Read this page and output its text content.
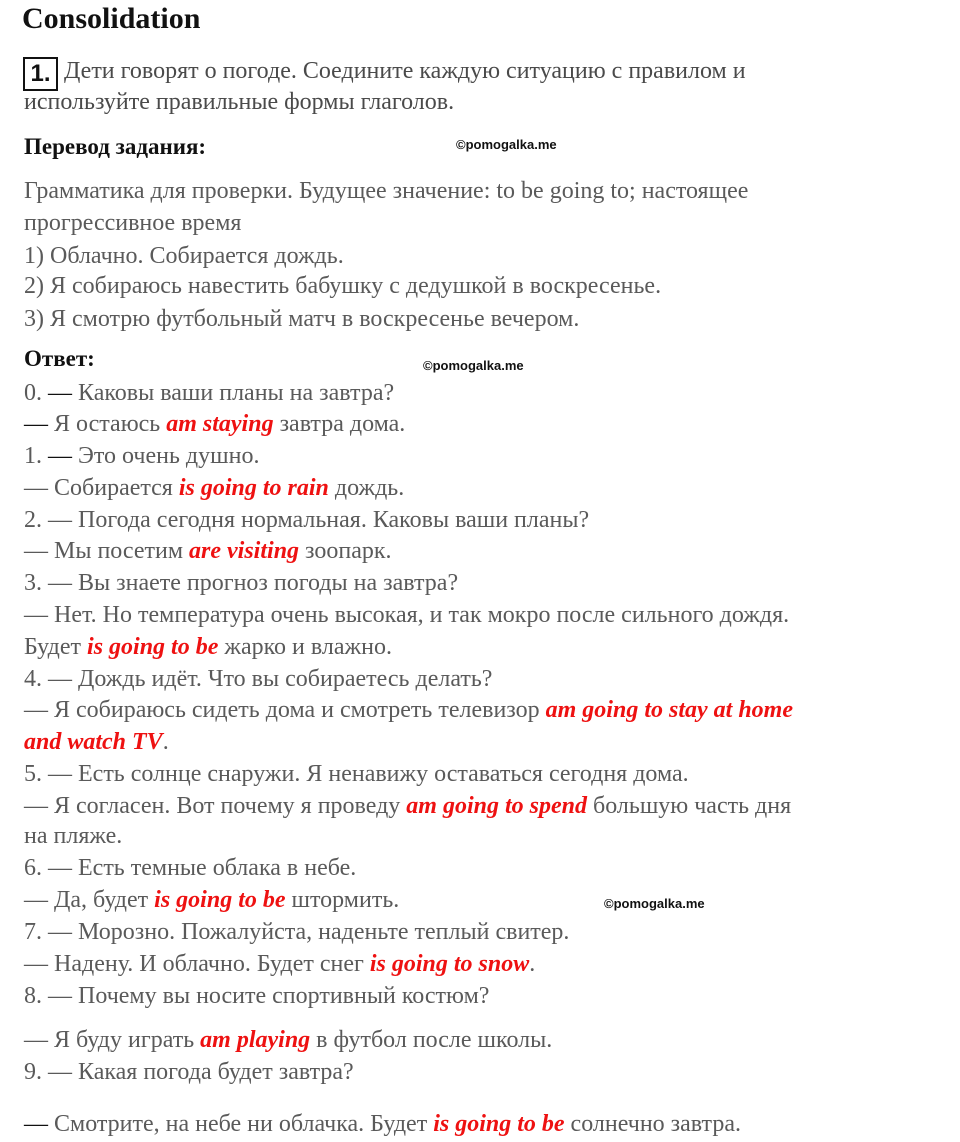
Consolidation
1. Дети говорят о погоде. Соедините каждую ситуацию с правилом и
используйте правильные формы глаголов.
Перевод задания:	©pomogalka.me
Грамматика для проверки. Будущее значение: to be going to; настоящее
прогрессивное время
1) Облачно. Собирается дождь.
2) Я собираюсь навестить бабушку с дедушкой в воскресенье.
3) Я смотрю футбольный матч в воскресенье вечером.
Ответ:	©pomogalka.me
©pomogalka.me
0. — Каковы ваши планы на завтра?
— Я остаюсь am staying завтра дома.
1. — Это очень душно.
— Собирается is going to rain дождь.
2. — Погода сегодня нормальная. Каковы ваши планы?
— Мы посетим are visiting зоопарк.
3. — Вы знаете прогноз погоды на завтра?
— Нет. Но температура очень высокая, и так мокро после сильного дождя.
Будет is going to be жарко и влажно.
4. — Дождь идёт. Что вы собираетесь делать?
— Я собираюсь сидеть дома и смотреть телевизор am going to stay at home
and watch TV.
5. — Есть солнце снаружи. Я ненавижу оставаться сегодня дома.
— Я согласен. Вот почему я проведу am going to spend большую часть дня
на пляже.
6. — Есть темные облака в небе.
— Да, будет is going to be штормить.
7. — Морозно. Пожалуйста, наденьте теплый свитер.
— Надену. И облачно. Будет снег is going to snow.
8. — Почему вы носите спортивный костюм?
— Я буду играть am playing в футбол после школы.
9. — Какая погода будет завтра?
— Смотрите, на небе ни облачка. Будет is going to be солнечно завтра.
